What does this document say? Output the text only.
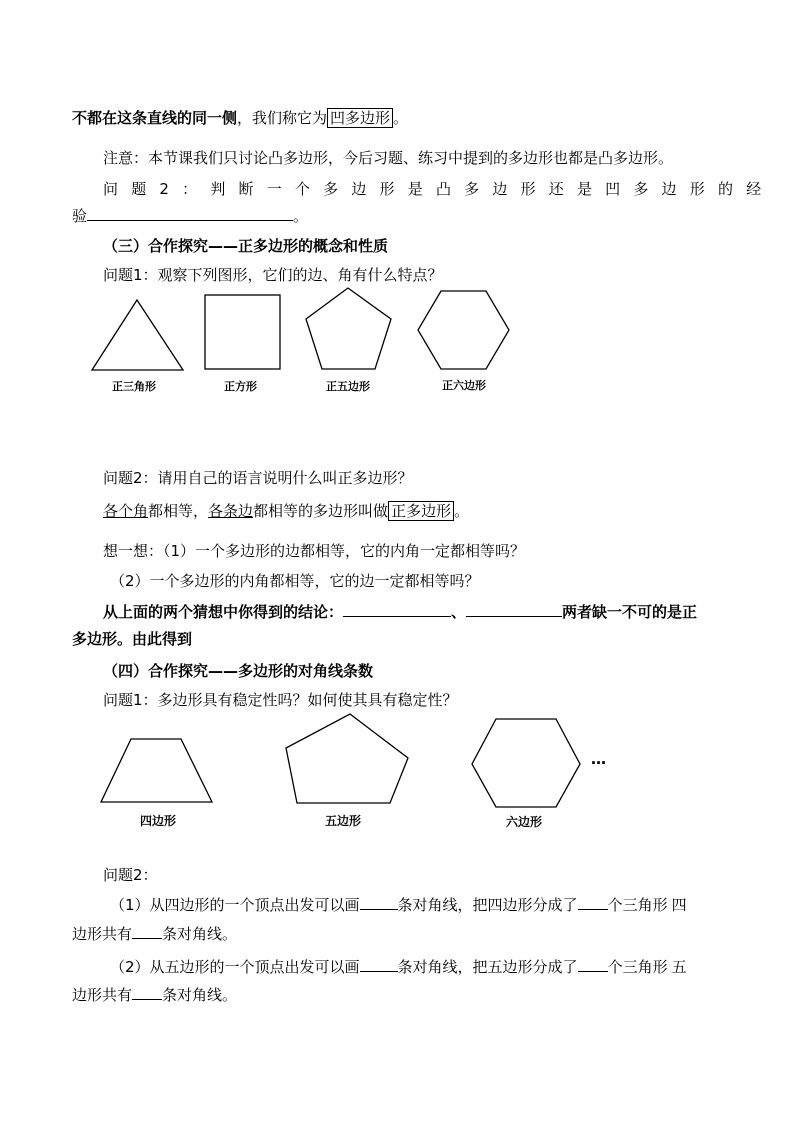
不都在这条直线的同一侧，我们称它为 凹多边形 。
注意：本节课我们只讨论凸多边形，今后习题、练习中提到的多边形也都是凸多边形。
问题2：判断一个多边形是凸多边形还是凹多边形的经
验	。
（三）合作探究——正多边形的概念和性质
问题1：观察下列图形，它们的边、角有什么特点？
正三角形	正方形	正五边形	正六边形
问题2：请用自己的语言说明什么叫正多边形？
各个角都相等，各条边都相等的多边形叫做 正多边形 。
想一想：（1）一个多边形的边都相等，它的内角一定都相等吗？
（2）一个多边形的内角都相等，它的边一定都相等吗？
从上面的两个猜想中你得到的结论：	、	两者缺一不可的是正
多边形。由此得到
（四）合作探究——多边形的对角线条数
问题1：多边形具有稳定性吗？如何使其具有稳定性？
…
四边形	五边形	六边形
问题2：
（1）从四边形的一个顶点出发可以画	条对角线，把四边形分成了 个三角形 四
边形共有 条对角线。
（2）从五边形的一个顶点出发可以画	条对角线，把五边形分成了 个三角形 五
边形共有 条对角线。
